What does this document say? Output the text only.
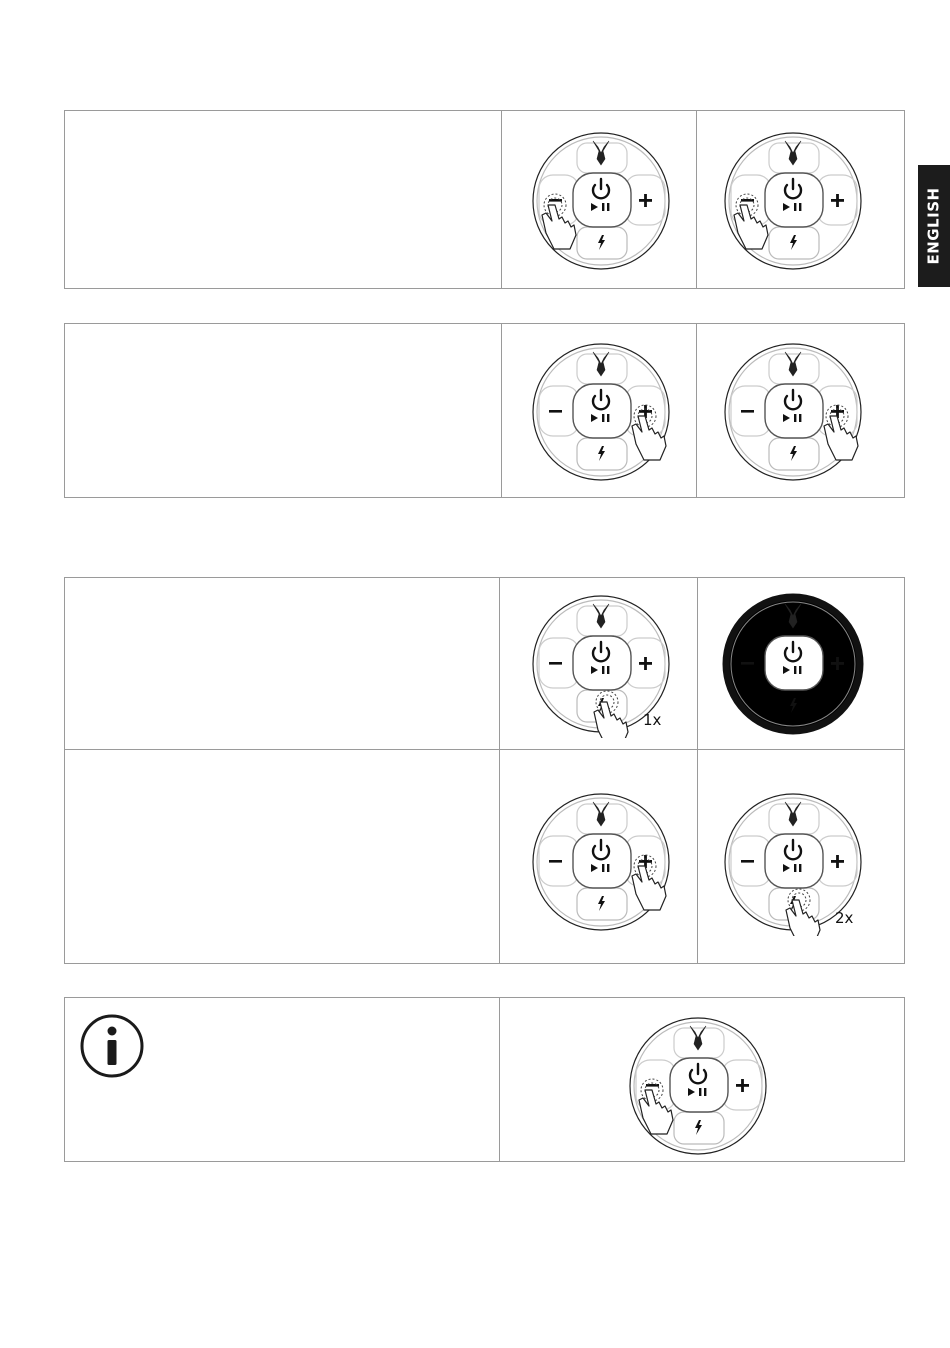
ENGLISH
1x
2x
